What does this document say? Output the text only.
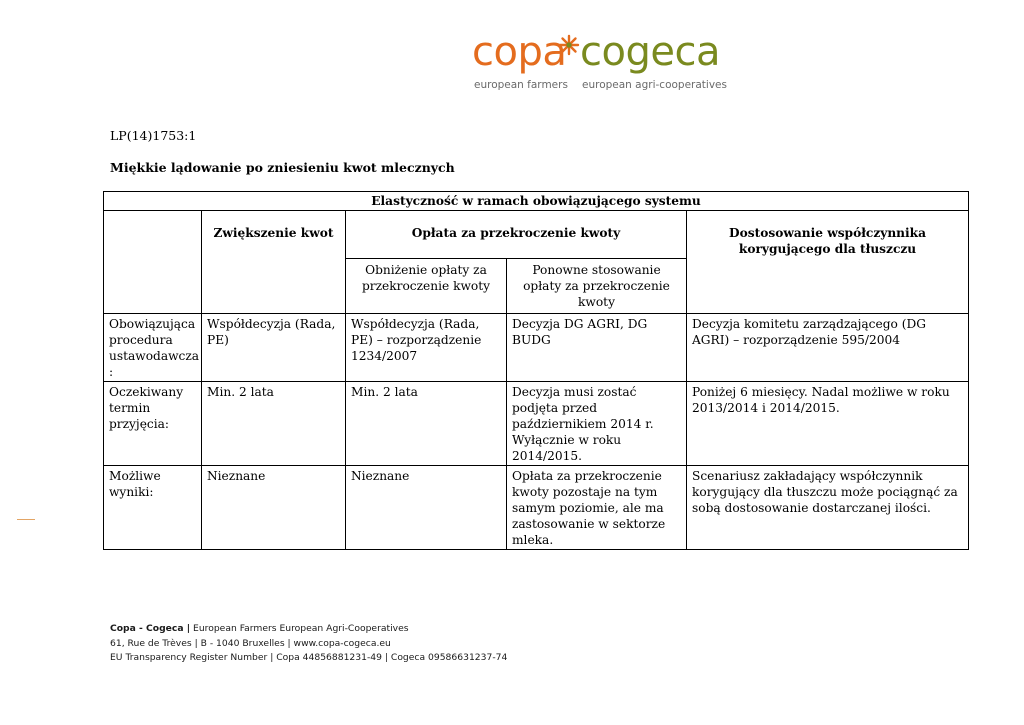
copa cogeca
european farmers european agri-cooperatives
LP(14)1753:1
Miękkie lądowanie po zniesieniu kwot mlecznych
Elastyczność w ramach obowiązującego systemu				
	Zwiększenie kwot	Opłata za przekroczenie kwoty		Dostosowanie współczynnika korygującego dla tłuszczu
		Obniżenie opłaty za przekroczenie kwoty	Ponowne stosowanie opłaty za przekroczenie kwoty	
Obowiązująca procedura ustawodawcza :	Współdecyzja (Rada, PE)	Współdecyzja (Rada, PE) – rozporządzenie 1234/2007	Decyzja DG AGRI, DG BUDG	Decyzja komitetu zarządzającego (DG AGRI) – rozporządzenie 595/2004
Oczekiwany termin przyjęcia:	Min. 2 lata	Min. 2 lata	Decyzja musi zostać podjęta przed październikiem 2014 r. Wyłącznie w roku 2014/2015.	Poniżej 6 miesięcy. Nadal możliwe w roku 2013/2014 i 2014/2015.
Możliwe wyniki:	Nieznane	Nieznane	Opłata za przekroczenie kwoty pozostaje na tym samym poziomie, ale ma zastosowanie w sektorze mleka.	Scenariusz zakładający współczynnik korygujący dla tłuszczu może pociągnąć za sobą dostosowanie dostarczanej ilości.
Copa - Cogeca | European Farmers European Agri-Cooperatives
61, Rue de Trèves | B - 1040 Bruxelles | www.copa-cogeca.eu
EU Transparency Register Number | Copa 44856881231-49 | Cogeca 09586631237-74
